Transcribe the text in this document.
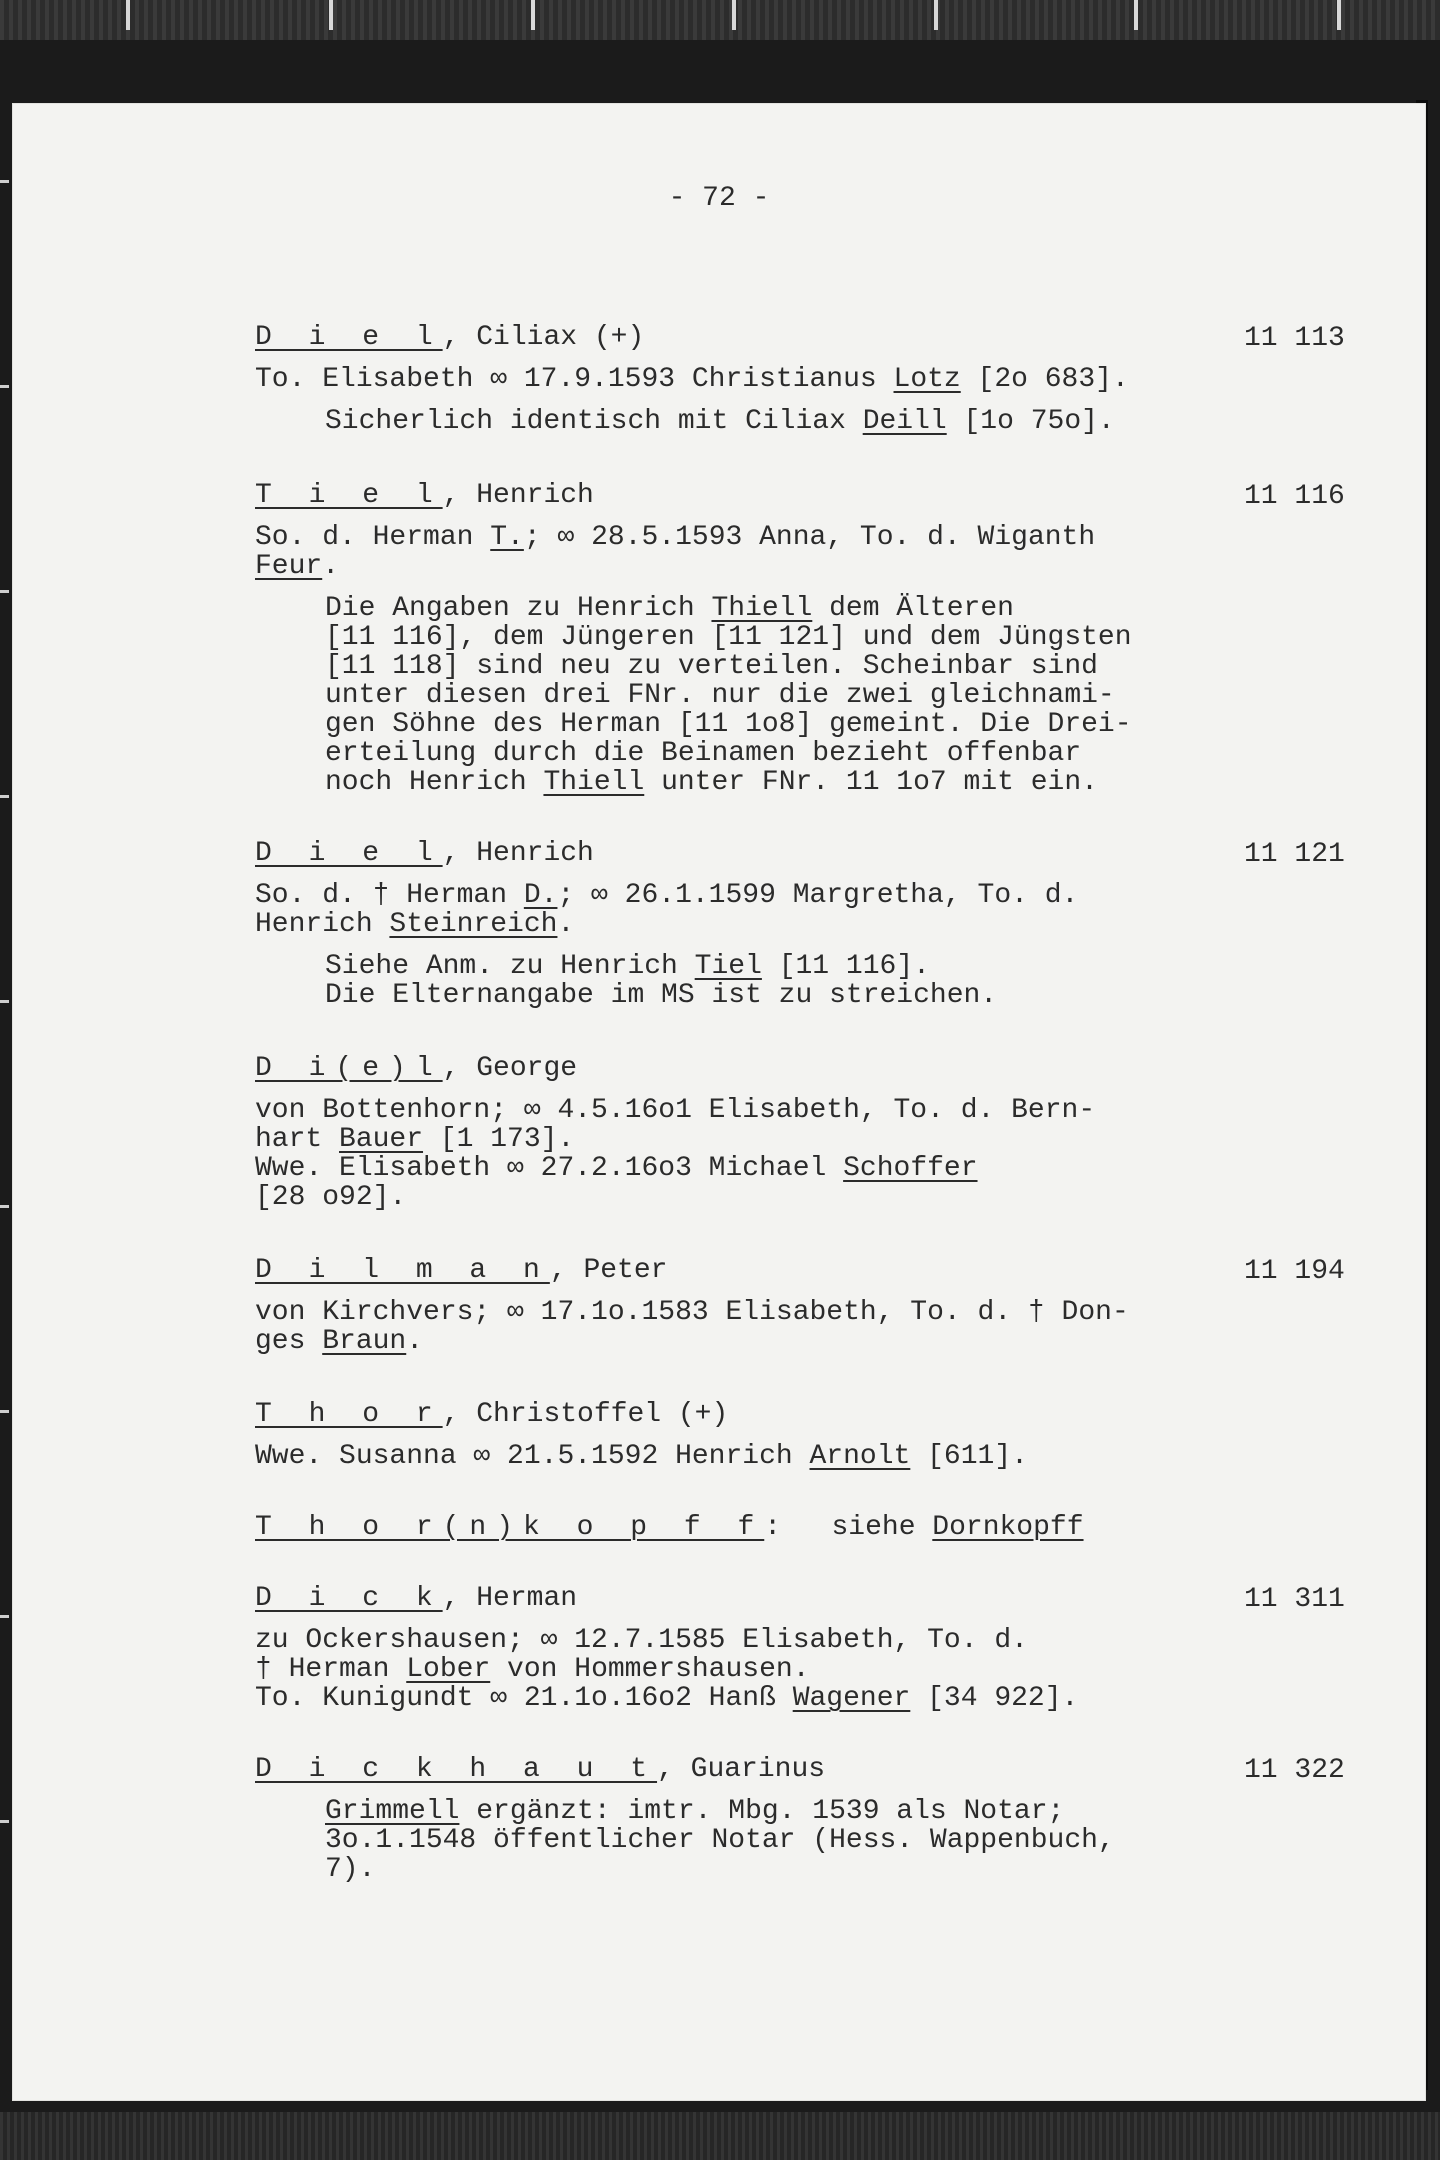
- 72 -
D i e l, Ciliax (+)	11 113
To. Elisabeth ∞ 17.9.1593 Christianus Lotz [2o 683].
Sicherlich identisch mit Ciliax Deill [1o 75o].
T i e l, Henrich	11 116
So. d. Herman T.; ∞ 28.5.1593 Anna, To. d. Wiganth
Feur.
Die Angaben zu Henrich Thiell dem Älteren
[11 116], dem Jüngeren [11 121] und dem Jüngsten
[11 118] sind neu zu verteilen. Scheinbar sind
unter diesen drei FNr. nur die zwei gleichnami-
gen Söhne des Herman [11 1o8] gemeint. Die Drei-
erteilung durch die Beinamen bezieht offenbar
noch Henrich Thiell unter FNr. 11 1o7 mit ein.
D i e l, Henrich	11 121
So. d. † Herman D.; ∞ 26.1.1599 Margretha, To. d.
Henrich Steinreich.
Siehe Anm. zu Henrich Tiel [11 116].
Die Elternangabe im MS ist zu streichen.
D i(e)l, George
von Bottenhorn; ∞ 4.5.16o1 Elisabeth, To. d. Bern-
hart Bauer [1 173].
Wwe. Elisabeth ∞ 27.2.16o3 Michael Schoffer
[28 o92].
D i l m a n, Peter	11 194
von Kirchvers; ∞ 17.1o.1583 Elisabeth, To. d. † Don-
ges Braun.
T h o r, Christoffel (+)
Wwe. Susanna ∞ 21.5.1592 Henrich Arnolt [611].
T h o r(n)k o p f f:   siehe Dornkopff
D i c k, Herman	11 311
zu Ockershausen; ∞ 12.7.1585 Elisabeth, To. d.
† Herman Lober von Hommershausen.
To. Kunigundt ∞ 21.1o.16o2 Hanß Wagener [34 922].
D i c k h a u t, Guarinus	11 322
Grimmell ergänzt: imtr. Mbg. 1539 als Notar;
3o.1.1548 öffentlicher Notar (Hess. Wappenbuch,
7).
